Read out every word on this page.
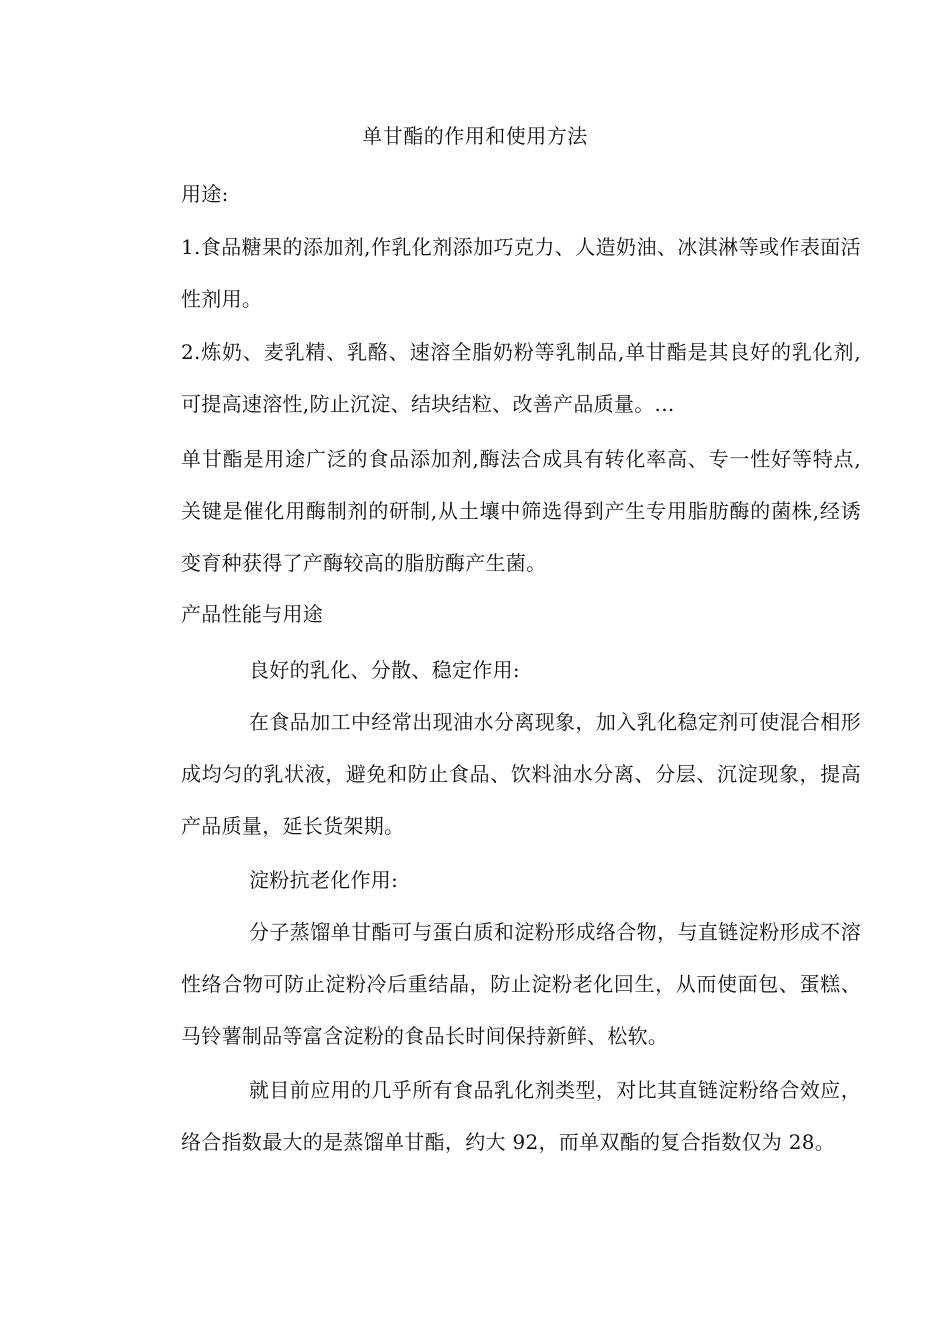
单甘酯的作用和使用方法

用途:

1.食品糖果的添加剂,作乳化剂添加巧克力、人造奶油、冰淇淋等或作表面活性剂用。

2.炼奶、麦乳精、乳酪、速溶全脂奶粉等乳制品,单甘酯是其良好的乳化剂,可提高速溶性,防止沉淀、结块结粒、改善产品质量。...

单甘酯是用途广泛的食品添加剂,酶法合成具有转化率高、专一性好等特点,关键是催化用酶制剂的研制,从土壤中筛选得到产生专用脂肪酶的菌株,经诱变育种获得了产酶较高的脂肪酶产生菌。

产品性能与用途

良好的乳化、分散、稳定作用:

在食品加工中经常出现油水分离现象，加入乳化稳定剂可使混合相形成均匀的乳状液，避免和防止食品、饮料油水分离、分层、沉淀现象，提高产品质量，延长货架期。

淀粉抗老化作用:

分子蒸馏单甘酯可与蛋白质和淀粉形成络合物，与直链淀粉形成不溶性络合物可防止淀粉冷后重结晶，防止淀粉老化回生，从而使面包、蛋糕、马铃薯制品等富含淀粉的食品长时间保持新鲜、松软。

就目前应用的几乎所有食品乳化剂类型，对比其直链淀粉络合效应，络合指数最大的是蒸馏单甘酯，约大 92，而单双酯的复合指数仅为 28。
